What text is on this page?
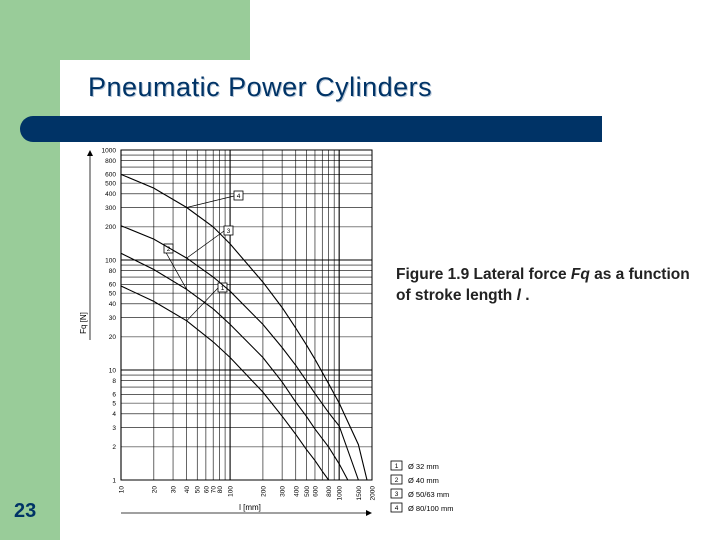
Pneumatic Power Cylinders
23
Figure 1.9 Lateral force Fq as a function of stroke length l .
10	20 30 40 50 60 70 80 100	200 300 400 500 600 800 1000 1500 2000
1
2
3
4
5
6
8
10
20
30
40
50
60
80
100
200
300
400
500
600
800
1000
l [mm]
Fq [N]
1
2
3
4
1 Ø 32 mm
2 Ø 40 mm
3 Ø 50/63 mm
4 Ø 80/100 mm
